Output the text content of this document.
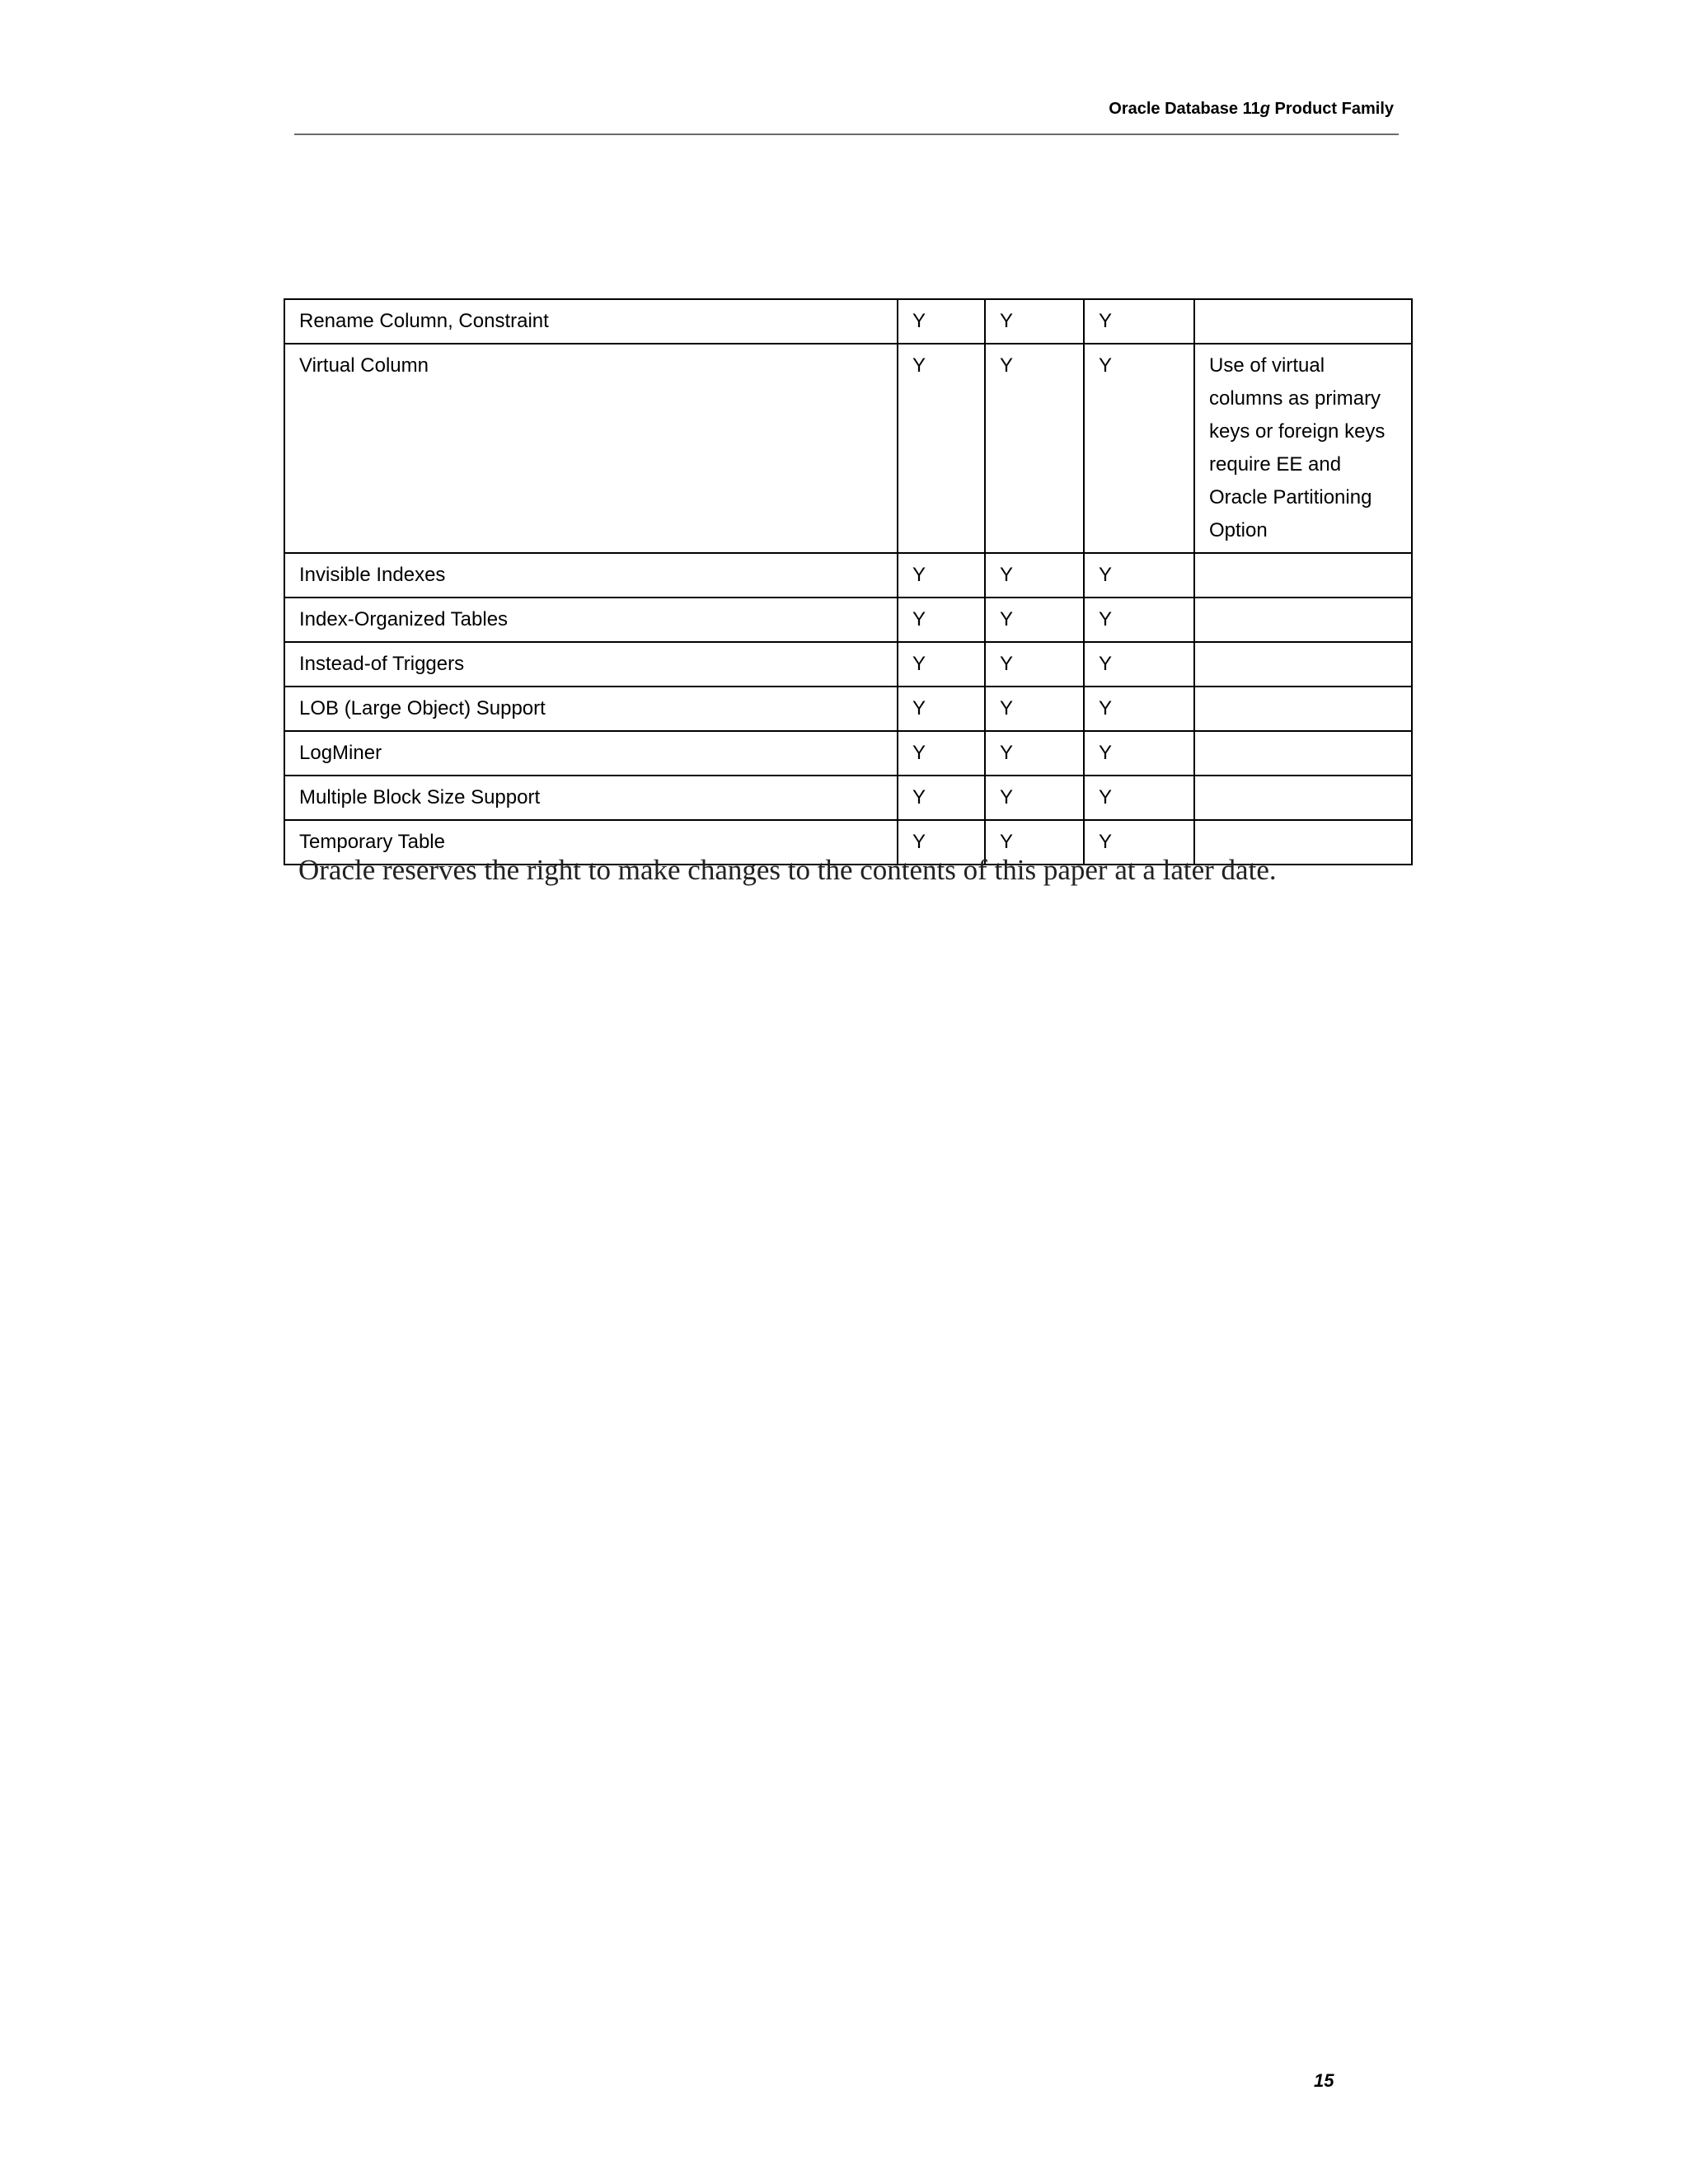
Oracle Database 11g Product Family
Rename Column, Constraint	Y	Y	Y	
Virtual Column	Y	Y	Y	Use of virtual columns as primary keys or foreign keys require EE and Oracle Partitioning Option
Invisible Indexes	Y	Y	Y	
Index-Organized Tables	Y	Y	Y	
Instead-of Triggers	Y	Y	Y	
LOB (Large Object) Support	Y	Y	Y	
LogMiner	Y	Y	Y	
Multiple Block Size Support	Y	Y	Y	
Temporary Table	Y	Y	Y	
Oracle reserves the right to make changes to the contents of this paper at a later date.
15
